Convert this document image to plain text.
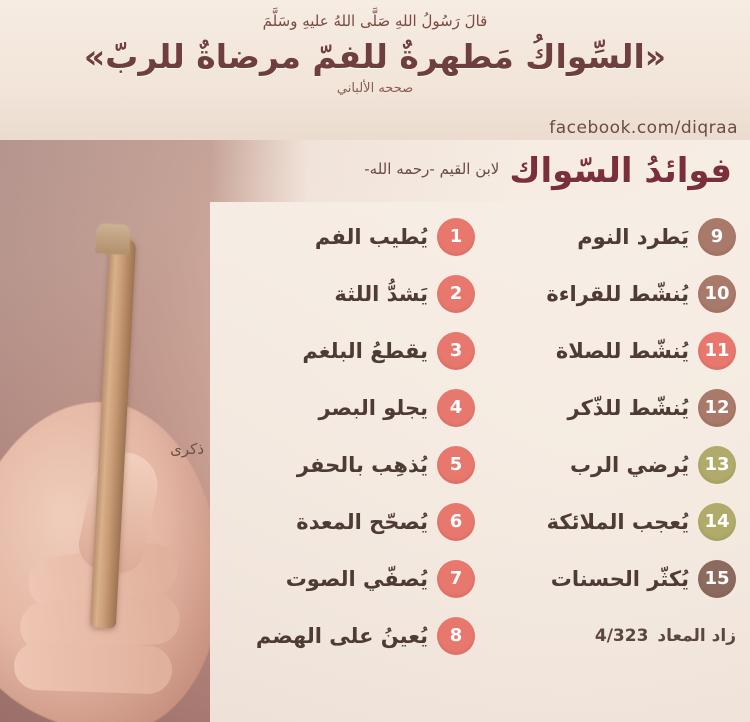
قالَ رَسُولُ اللهِ صَلَّى اللهُ عليهِ وسَلَّمَ
«السِّواكُ مَطهرةٌ للفمّ مرضاةٌ للربّ»
صححه الألباني
facebook.com/diqraa
فوائدُ السّواك
لابن القيم -رحمه الله-
ذكرى
9
يَطرد النوم
1
يُطيب الفم
10
يُنشّط للقراءة
2
يَشدُّ اللثة
11
يُنشّط للصلاة
3
يقطعُ البلغم
12
يُنشّط للذّكر
4
يجلو البصر
13
يُرضي الرب
5
يُذهِب بالحفر
14
يُعجب الملائكة
6
يُصحّح المعدة
15
يُكثّر الحسنات
7
يُصفّي الصوت
زاد المعاد
4/323
8
يُعينُ على الهضم
